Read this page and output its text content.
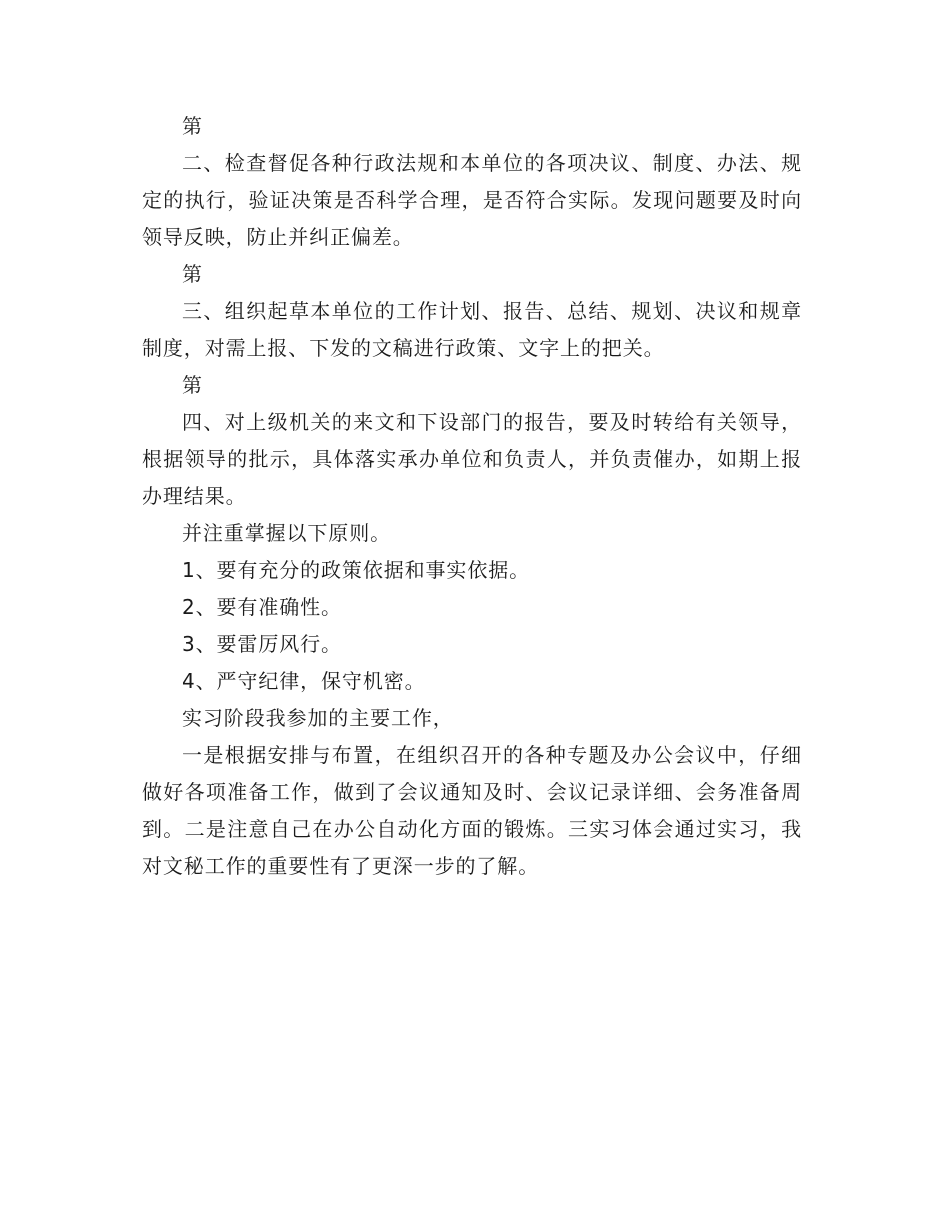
第

二、检查督促各种行政法规和本单位的各项决议、制度、办法、规定的执行，验证决策是否科学合理，是否符合实际。发现问题要及时向领导反映，防止并纠正偏差。

第

三、组织起草本单位的工作计划、报告、总结、规划、决议和规章制度，对需上报、下发的文稿进行政策、文字上的把关。

第

四、对上级机关的来文和下设部门的报告，要及时转给有关领导，根据领导的批示，具体落实承办单位和负责人，并负责催办，如期上报办理结果。

并注重掌握以下原则。

1、要有充分的政策依据和事实依据。

2、要有准确性。

3、要雷厉风行。

4、严守纪律，保守机密。

实习阶段我参加的主要工作，

一是根据安排与布置，在组织召开的各种专题及办公会议中，仔细做好各项准备工作，做到了会议通知及时、会议记录详细、会务准备周到。二是注意自己在办公自动化方面的锻炼。三实习体会通过实习，我对文秘工作的重要性有了更深一步的了解。
